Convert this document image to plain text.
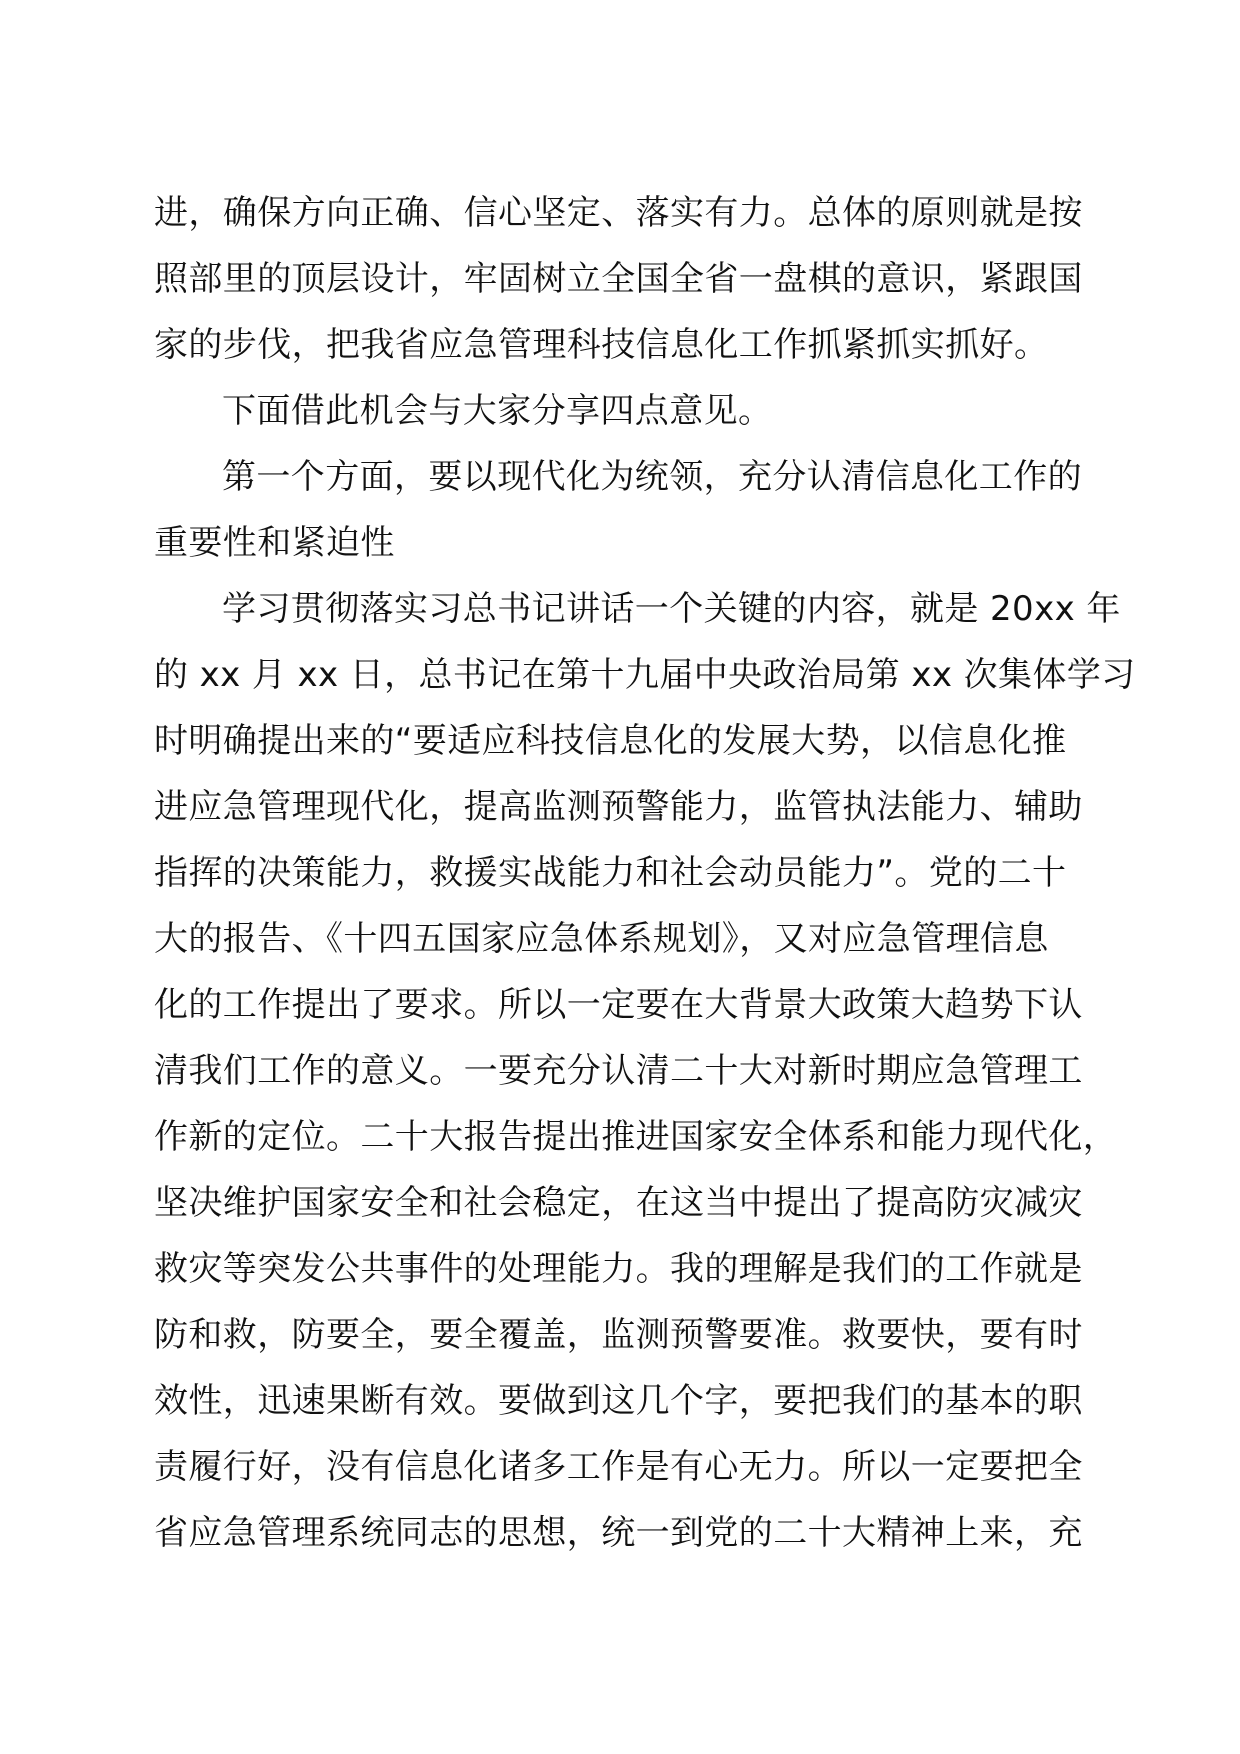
进，确保方向正确、信心坚定、落实有力。总体的原则就是按

照部里的顶层设计，牢固树立全国全省一盘棋的意识，紧跟国

家的步伐，把我省应急管理科技信息化工作抓紧抓实抓好。

下面借此机会与大家分享四点意见。

第一个方面，要以现代化为统领，充分认清信息化工作的

重要性和紧迫性

学习贯彻落实习总书记讲话一个关键的内容，就是 20xx 年

的 xx 月 xx 日，总书记在第十九届中央政治局第 xx 次集体学习

时明确提出来的“要适应科技信息化的发展大势，以信息化推

进应急管理现代化，提高监测预警能力，监管执法能力、辅助

指挥的决策能力，救援实战能力和社会动员能力”。党的二十

大的报告、《十四五国家应急体系规划》，又对应急管理信息

化的工作提出了要求。所以一定要在大背景大政策大趋势下认

清我们工作的意义。一要充分认清二十大对新时期应急管理工

作新的定位。二十大报告提出推进国家安全体系和能力现代化，

坚决维护国家安全和社会稳定，在这当中提出了提高防灾减灾

救灾等突发公共事件的处理能力。我的理解是我们的工作就是

防和救，防要全，要全覆盖，监测预警要准。救要快，要有时

效性，迅速果断有效。要做到这几个字，要把我们的基本的职

责履行好，没有信息化诸多工作是有心无力。所以一定要把全

省应急管理系统同志的思想，统一到党的二十大精神上来，充
